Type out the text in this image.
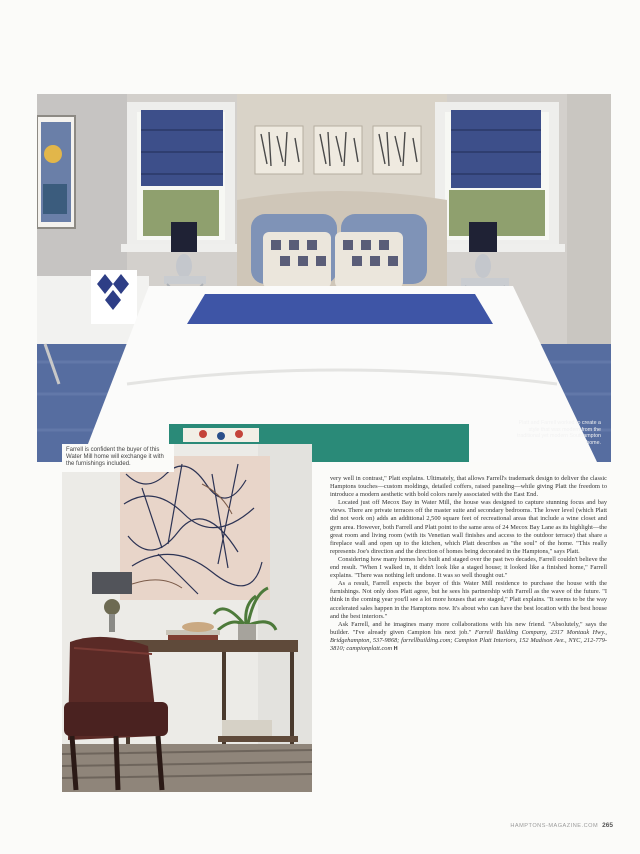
Platt and Farrell worked to create a style that was modern from the traditional yet modern Southampton home.
Farrell is confident the buyer of this Water Mill home will exchange it with the furnishings included.

very well in contrast," Platt explains. Ultimately, that allows Farrell's trademark design to deliver the classic Hamptons touches—custom moldings, detailed coffers, raised paneling—while giving Platt the freedom to introduce a modern aesthetic with bold colors rarely associated with the East End.

Located just off Mecox Bay in Water Mill, the house was designed to capture stunning focus and bay views. There are private terraces off the master suite and secondary bedrooms. The lower level (which Platt did not work on) adds an additional 2,500 square feet of recreational areas that include a wine closet and gym area. However, both Farrell and Platt point to the same area of 24 Mecox Bay Lane as its highlight—the great room and living room (with its Venetian wall finishes and access to the outdoor terrace) that share a fireplace wall and open up to the kitchen, which Platt describes as "the soul" of the home. "This really represents Joe's direction and the direction of homes being decorated in the Hamptons," says Platt.

Considering how many homes he's built and staged over the past two decades, Farrell couldn't believe the end result. "When I walked in, it didn't look like a staged house; it looked like a finished home," Farrell explains. "There was nothing left undone. It was so well thought out."

As a result, Farrell expects the buyer of this Water Mill residence to purchase the house with the furnishings. Not only does Platt agree, but he sees his partnership with Farrell as the wave of the future. "I think in the coming year you'll see a lot more houses that are staged," Platt explains. "It seems to be the way accelerated sales happen in the Hamptons now. It's about who can have the best location with the best house and the best interiors."

Ask Farrell, and he imagines many more collaborations with his new friend. "Absolutely," says the builder. "I've already given Campion his next job." Farrell Building Company, 2317 Montauk Hwy., Bridgehampton, 537-9868; farrellbuilding.com; Campion Platt Interiors, 152 Madison Ave., NYC, 212-779-3810; campionplatt.com H

HAMPTONS-MAGAZINE.COM 265
